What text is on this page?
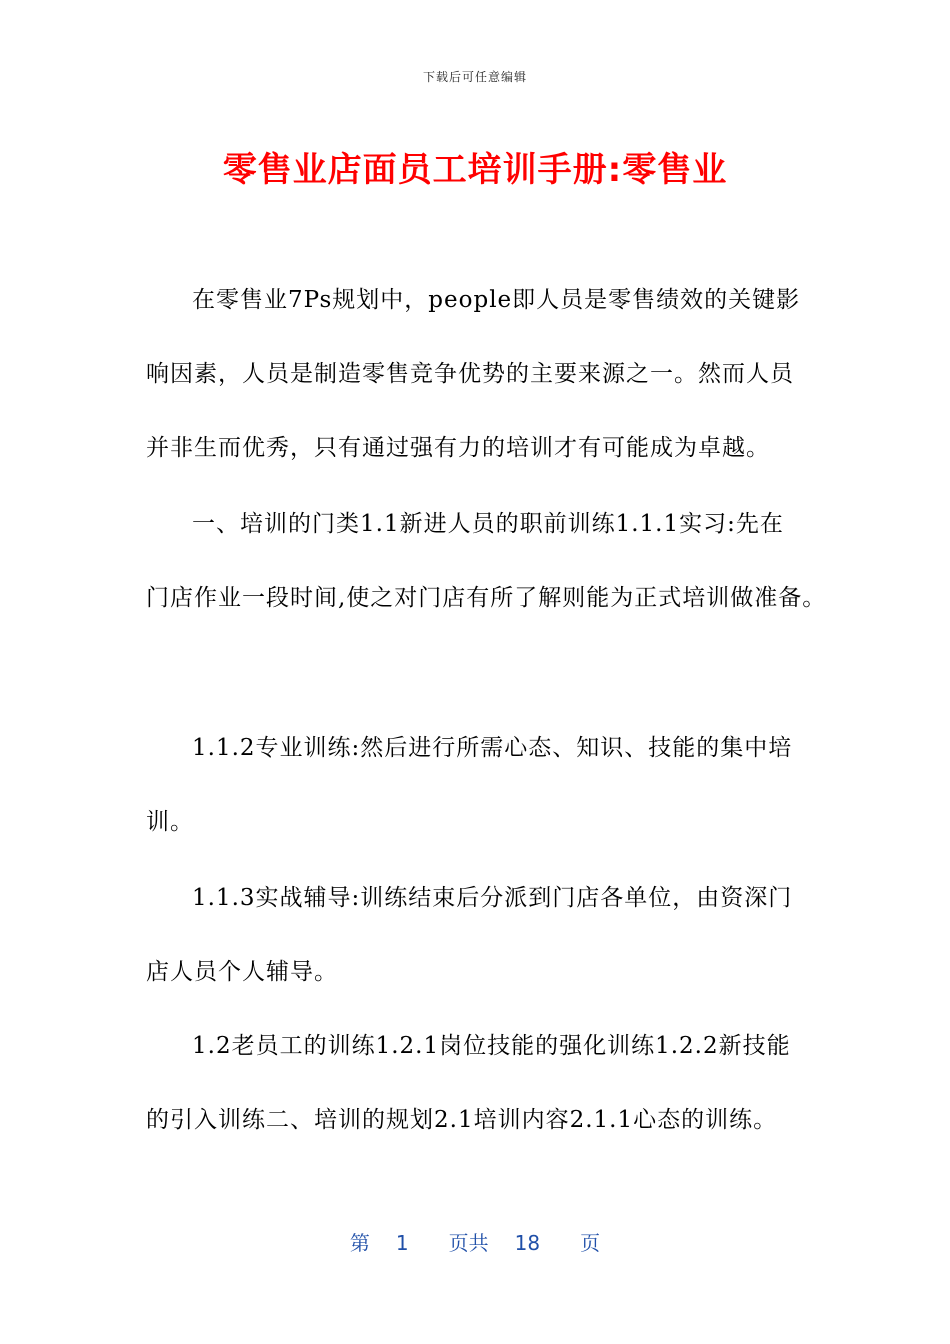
下载后可任意编辑
零售业店面员工培训手册:零售业
在零售业7Ps规划中，people即人员是零售绩效的关键影
响因素，人员是制造零售竞争优势的主要来源之一。然而人员
并非生而优秀，只有通过强有力的培训才有可能成为卓越。
一、培训的门类1.1新进人员的职前训练1.1.1实习:先在
门店作业一段时间,使之对门店有所了解则能为正式培训做准备。
1.1.2专业训练:然后进行所需心态、知识、技能的集中培
训。
1.1.3实战辅导:训练结束后分派到门店各单位，由资深门
店人员个人辅导。
1.2老员工的训练1.2.1岗位技能的强化训练1.2.2新技能
的引入训练二、培训的规划2.1培训内容2.1.1心态的训练。
第 1 页共 18 页
